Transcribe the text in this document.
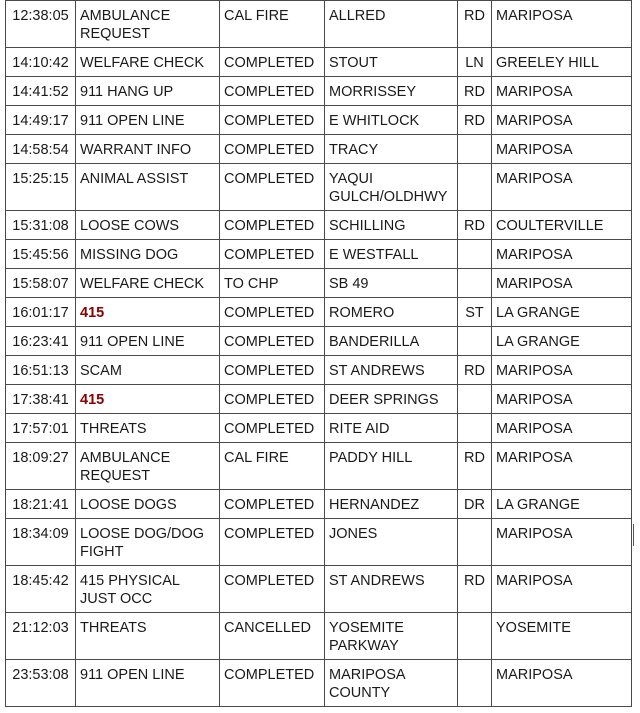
12:38:05	AMBULANCE REQUEST	CAL FIRE	ALLRED	RD	MARIPOSA
14:10:42	WELFARE CHECK	COMPLETED	STOUT	LN	GREELEY HILL
14:41:52	911 HANG UP	COMPLETED	MORRISSEY	RD	MARIPOSA
14:49:17	911 OPEN LINE	COMPLETED	E WHITLOCK	RD	MARIPOSA
14:58:54	WARRANT INFO	COMPLETED	TRACY		MARIPOSA
15:25:15	ANIMAL ASSIST	COMPLETED	YAQUI GULCH/OLDHWY		MARIPOSA
15:31:08	LOOSE COWS	COMPLETED	SCHILLING	RD	COULTERVILLE
15:45:56	MISSING DOG	COMPLETED	E WESTFALL		MARIPOSA
15:58:07	WELFARE CHECK	TO CHP	SB 49		MARIPOSA
16:01:17	415	COMPLETED	ROMERO	ST	LA GRANGE
16:23:41	911 OPEN LINE	COMPLETED	BANDERILLA		LA GRANGE
16:51:13	SCAM	COMPLETED	ST ANDREWS	RD	MARIPOSA
17:38:41	415	COMPLETED	DEER SPRINGS		MARIPOSA
17:57:01	THREATS	COMPLETED	RITE AID		MARIPOSA
18:09:27	AMBULANCE REQUEST	CAL FIRE	PADDY HILL	RD	MARIPOSA
18:21:41	LOOSE DOGS	COMPLETED	HERNANDEZ	DR	LA GRANGE
18:34:09	LOOSE DOG/DOG FIGHT	COMPLETED	JONES		MARIPOSA
18:45:42	415 PHYSICAL JUST OCC	COMPLETED	ST ANDREWS	RD	MARIPOSA
21:12:03	THREATS	CANCELLED	YOSEMITE PARKWAY		YOSEMITE
23:53:08	911 OPEN LINE	COMPLETED	MARIPOSA COUNTY		MARIPOSA
